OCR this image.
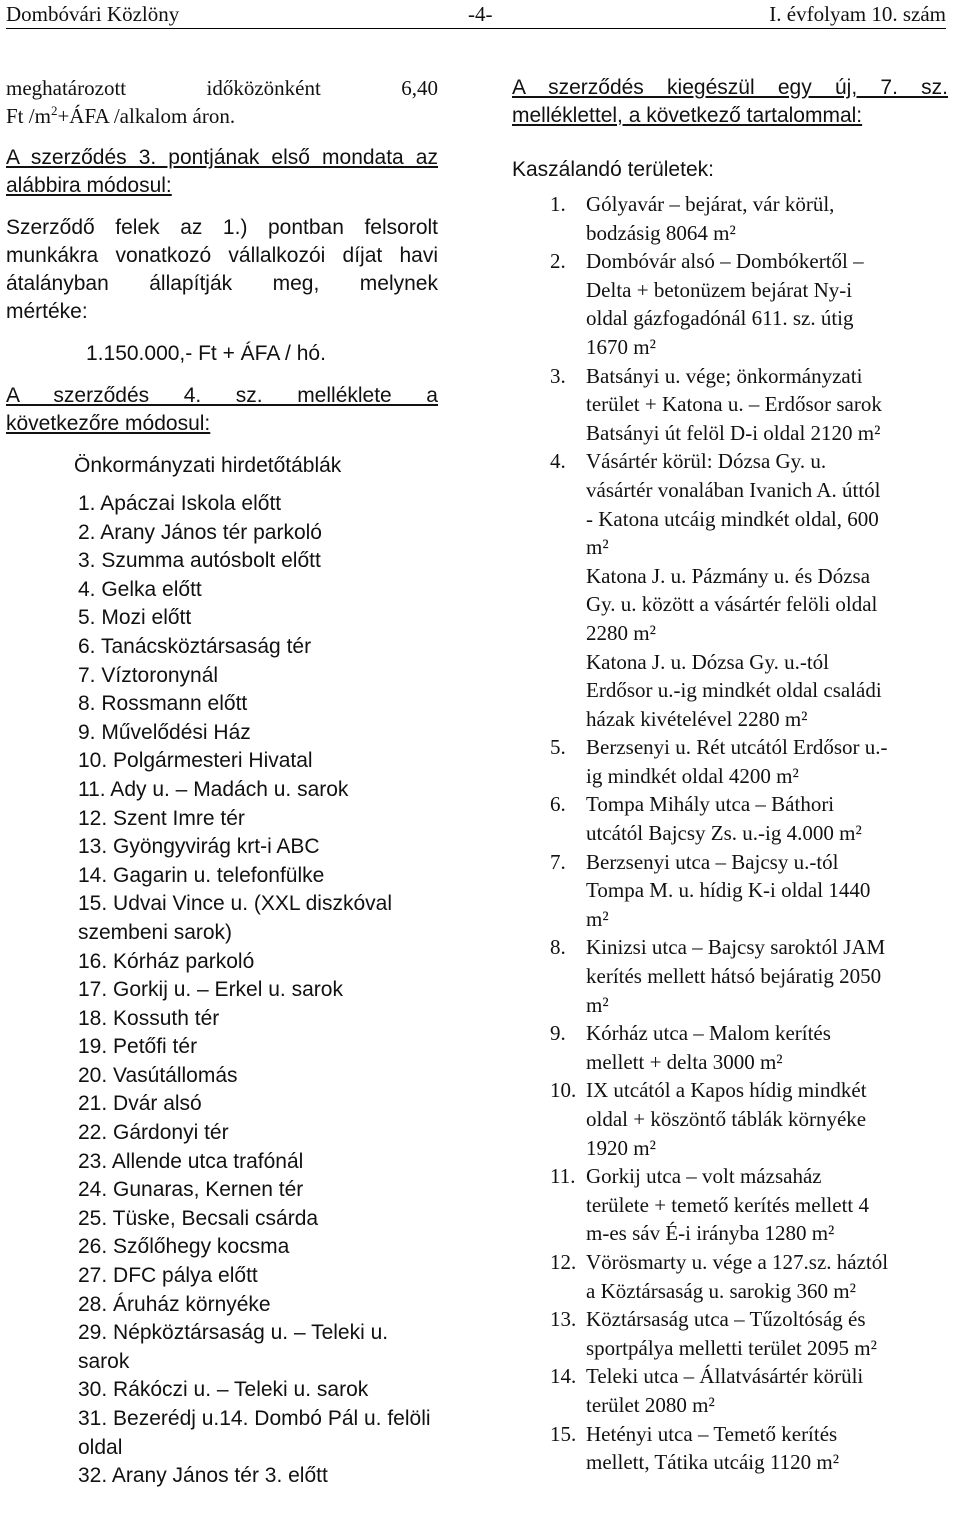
Dombóvári Közlöny	-4-	I. évfolyam 10. szám

meghatározott időközönként 6,40

Ft $/m^2+ÁFA$ /alkalom áron.

A szerződés 3. pontjának első mondata az

alábbira módosul:

Szerződő felek az 1.) pontban felsorolt

munkákra vonatkozó vállalkozói díjat havi

átalányban állapítják meg, melynek

mértéke:

1.150.000,- Ft + ÁFA / hó.

A szerződés 4. sz. melléklete a

következőre módosul:

Önkormányzati hirdetőtáblák

1. Apáczai Iskola előtt
2. Arany János tér parkoló
3. Szumma autósbolt előtt
4. Gelka előtt
5. Mozi előtt
6. Tanácsköztársaság tér
7. Víztoronynál
8. Rossmann előtt
9. Művelődési Ház
10. Polgármesteri Hivatal
11. Ady u. – Madách u. sarok
12. Szent Imre tér
13. Gyöngyvirág krt-i ABC
14. Gagarin u. telefonfülke
15. Udvai Vince u. (XXL diszkóval
szembeni sarok)
16. Kórház parkoló
17. Gorkij u. – Erkel u. sarok
18. Kossuth tér
19. Petőfi tér
20. Vasútállomás
21. Dvár alsó
22. Gárdonyi tér
23. Allende utca trafónál
24. Gunaras, Kernen tér
25. Tüske, Becsali csárda
26. Szőlőhegy kocsma
27. DFC pálya előtt
28. Áruház környéke
29. Népköztársaság u. – Teleki u. sarok
30. Rákóczi u. – Teleki u. sarok
31. Bezerédj u.14. Dombó Pál u. felöli
oldal
32. Arany János tér 3. előtt

A szerződés kiegészül egy új, 7. sz.

melléklettel, a következő tartalommal:

Kaszálandó területek:

1. Gólyavár – bejárat, vár körül,
bodzásig 8064 m²
2. Dombóvár alsó – Dombókertől –
Delta + betonüzem bejárat Ny-i
oldal gázfogadónál 611. sz. útig
1670 m²
3. Batsányi u. vége; önkormányzati
terület + Katona u. – Erdősor sarok
Batsányi út felöl D-i oldal 2120 m²
4. Vásártér körül: Dózsa Gy. u.
vásártér vonalában Ivanich A. úttól
- Katona utcáig mindkét oldal, 600
m²
Katona J. u. Pázmány u. és Dózsa
Gy. u. között a vásártér felöli oldal
2280 m²
Katona J. u. Dózsa Gy. u.-tól
Erdősor u.-ig mindkét oldal családi
házak kivételével 2280 m²
5. Berzsenyi u. Rét utcától Erdősor u.-
ig mindkét oldal 4200 m²
6. Tompa Mihály utca – Báthori
utcától Bajcsy Zs. u.-ig 4.000 m²
7. Berzsenyi utca – Bajcsy u.-tól
Tompa M. u. hídig K-i oldal 1440
m²
8. Kinizsi utca – Bajcsy saroktól JAM
kerítés mellett hátsó bejáratig 2050
m²
9. Kórház utca – Malom kerítés
mellett + delta 3000 m²
10. IX utcától a Kapos hídig mindkét
oldal + köszöntő táblák környéke
1920 m²
11. Gorkij utca – volt mázsaház
területe + temető kerítés mellett 4
m-es sáv É-i irányba 1280 m²
12. Vörösmarty u. vége a 127.sz. háztól
a Köztársaság u. sarokig 360 m²
13. Köztársaság utca – Tűzoltóság és
sportpálya melletti terület 2095 m²
14. Teleki utca – Állatvásártér körüli
terület 2080 m²
15. Hetényi utca – Temető kerítés
mellett, Tátika utcáig 1120 m²
